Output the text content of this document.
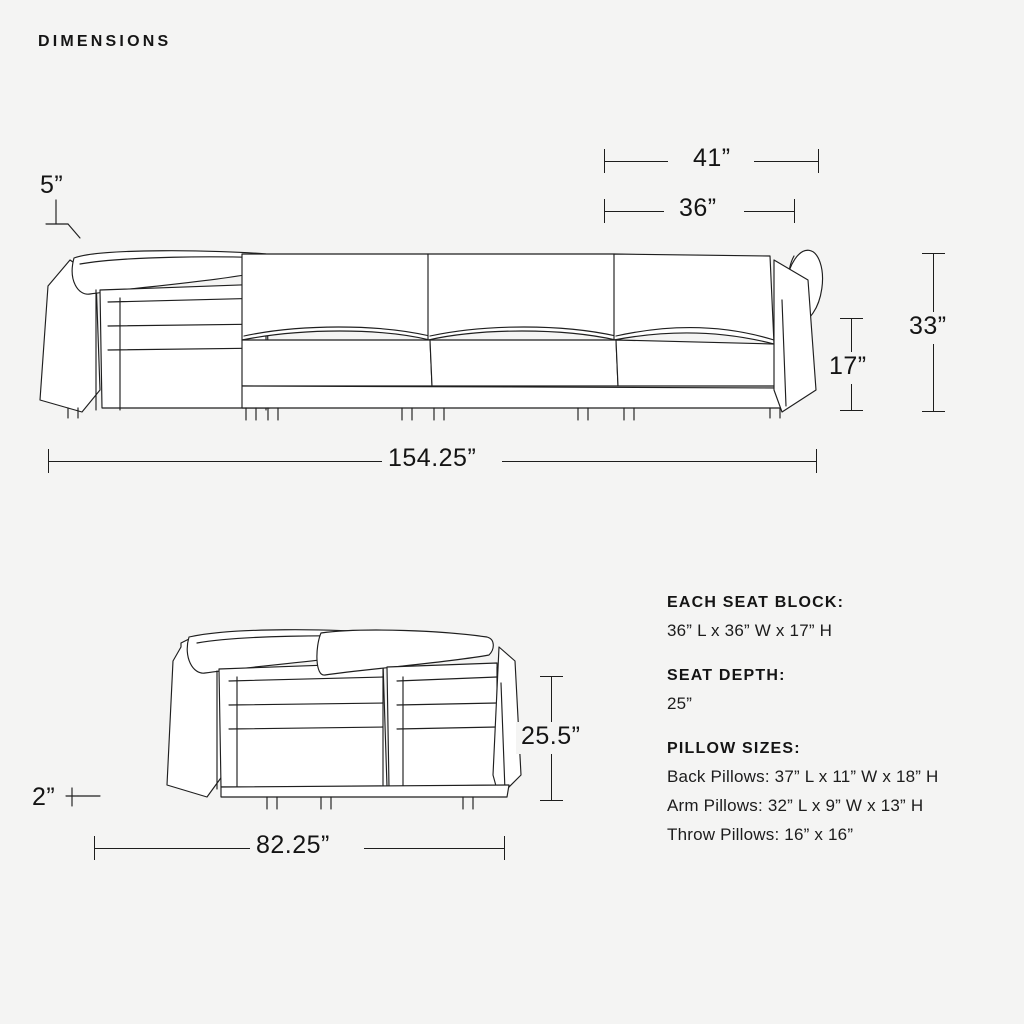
DIMENSIONS
41”
36”
5”
17”
33”
154.25”
25.5”
2”
82.25”
EACH SEAT BLOCK:
36” L x 36” W x 17” H
SEAT DEPTH:
25”
PILLOW SIZES:
Back Pillows: 37” L x 11” W x 18” H
Arm Pillows: 32” L x 9” W x 13” H
Throw Pillows: 16” x 16”
